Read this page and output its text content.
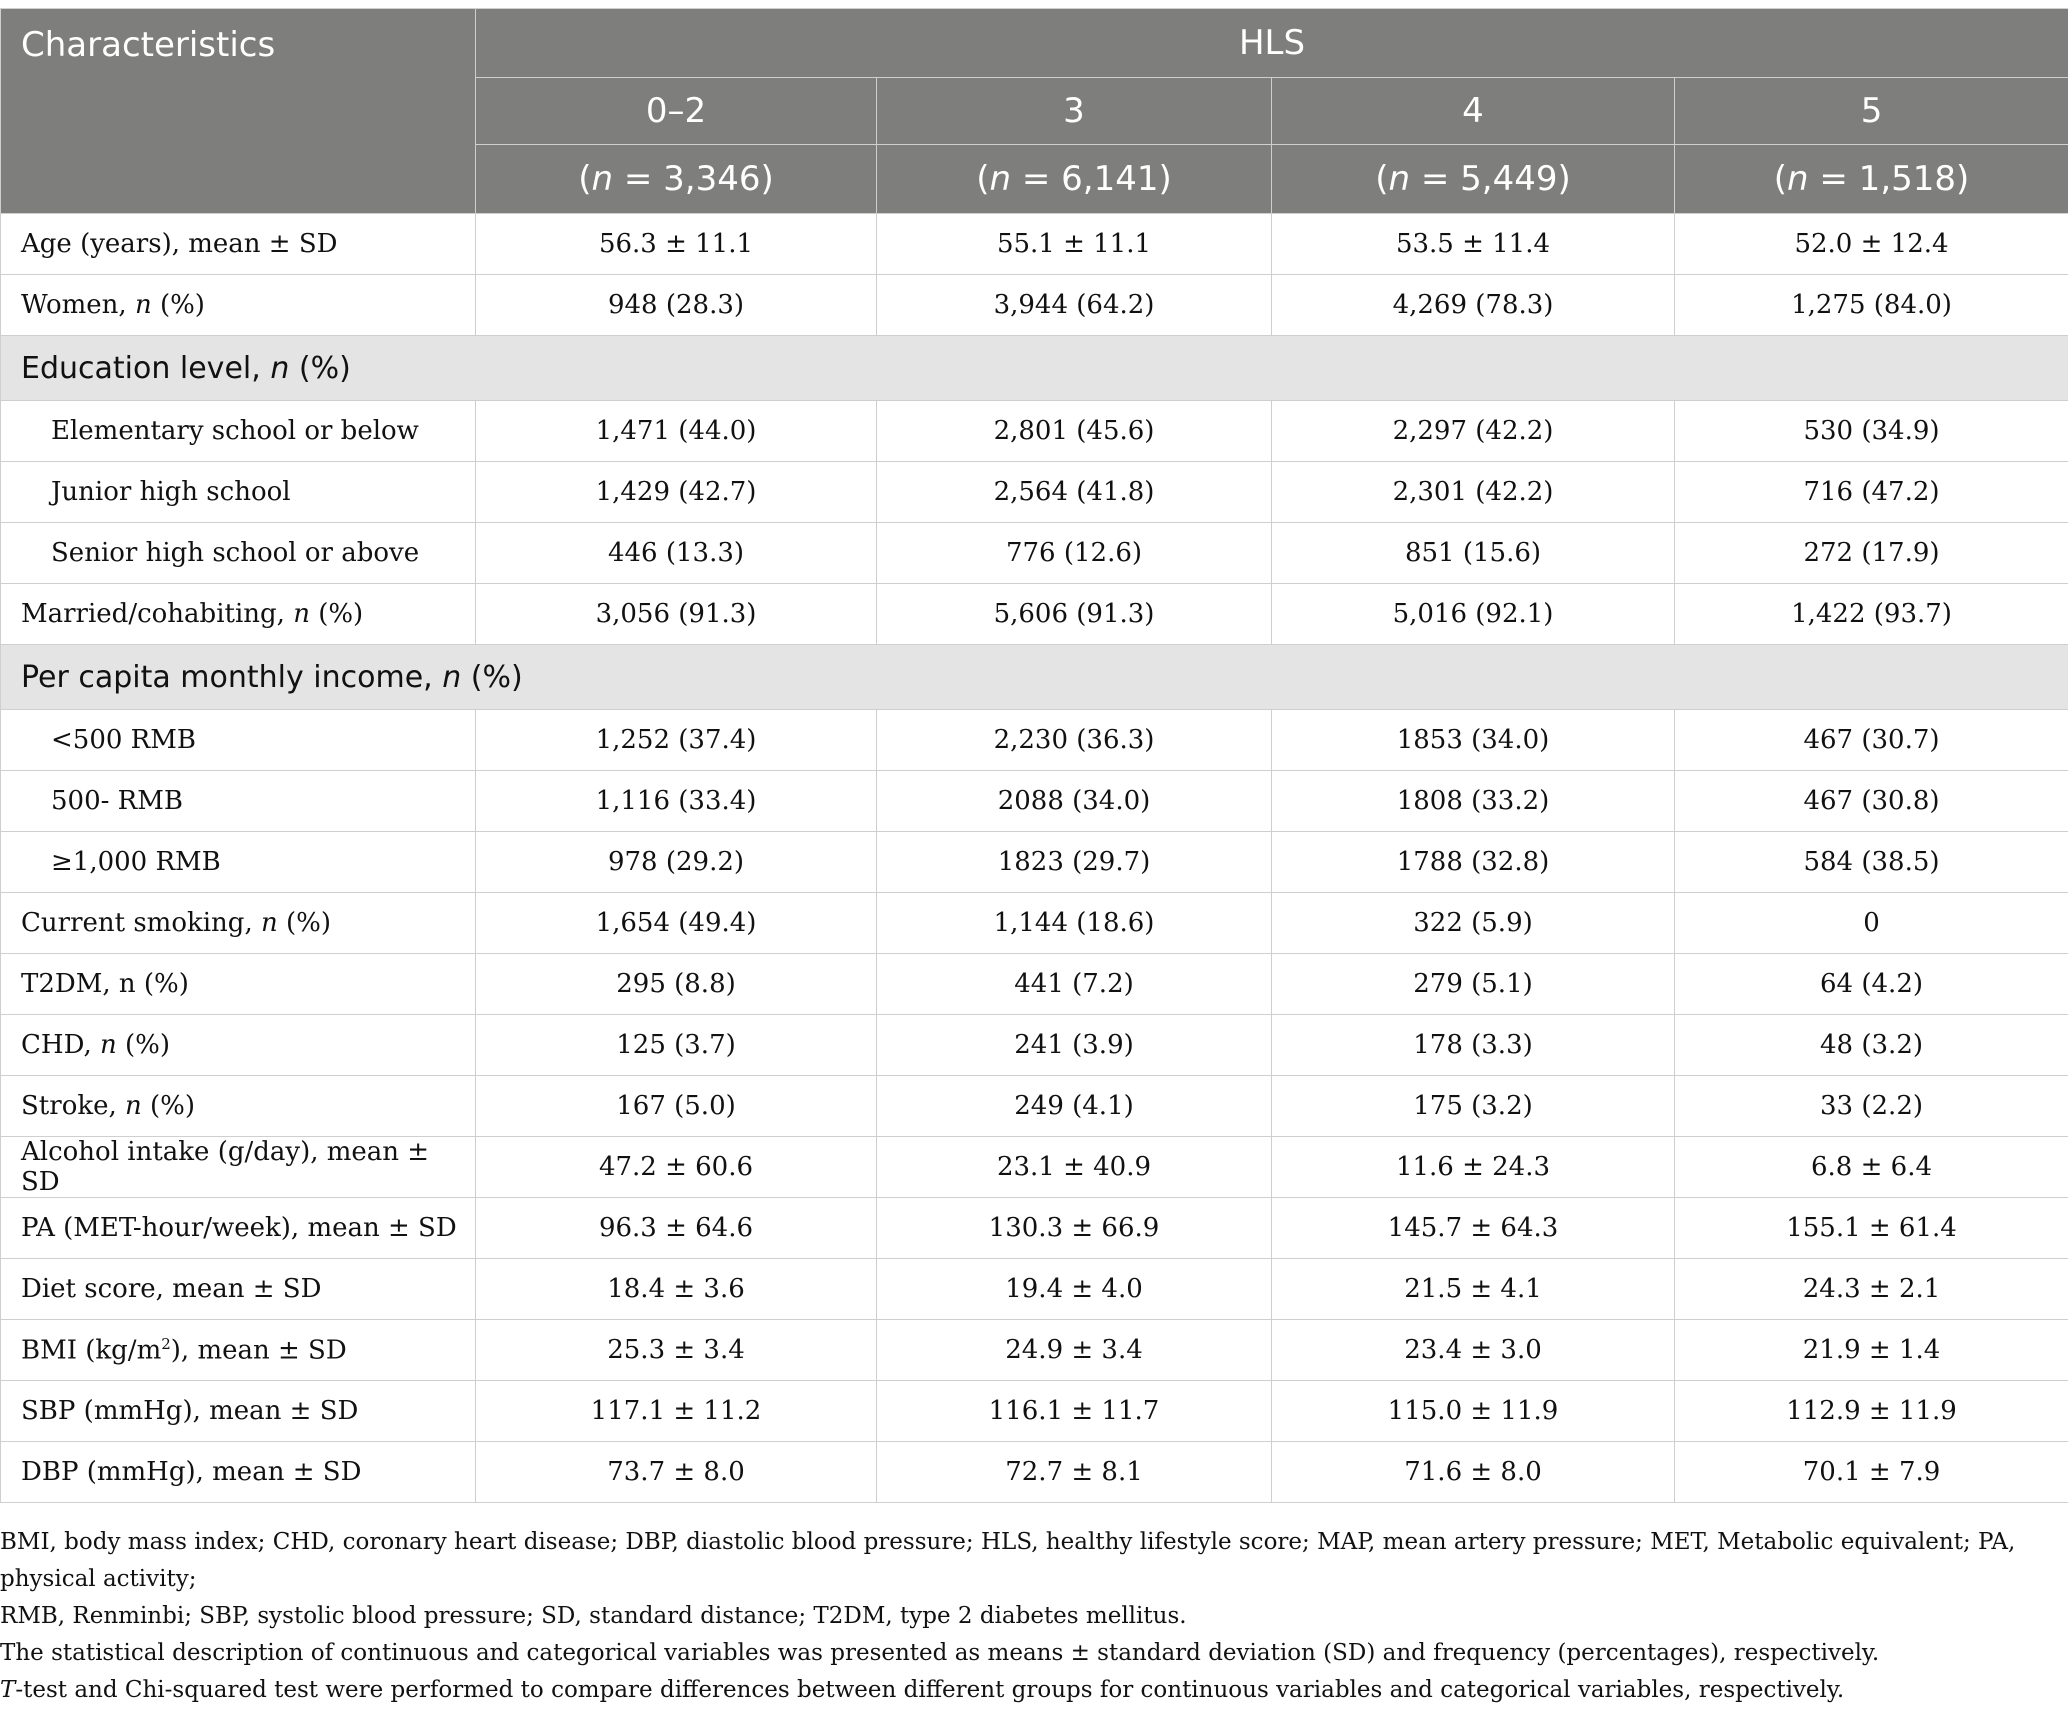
Characteristics	HLS			
	0–2	3	4	5
	(n = 3,346)	(n = 6,141)	(n = 5,449)	(n = 1,518)
Age (years), mean ± SD	56.3 ± 11.1	55.1 ± 11.1	53.5 ± 11.4	52.0 ± 12.4
Women, n (%)	948 (28.3)	3,944 (64.2)	4,269 (78.3)	1,275 (84.0)
Education level, n (%)				
Elementary school or below	1,471 (44.0)	2,801 (45.6)	2,297 (42.2)	530 (34.9)
Junior high school	1,429 (42.7)	2,564 (41.8)	2,301 (42.2)	716 (47.2)
Senior high school or above	446 (13.3)	776 (12.6)	851 (15.6)	272 (17.9)
Married/cohabiting, n (%)	3,056 (91.3)	5,606 (91.3)	5,016 (92.1)	1,422 (93.7)
Per capita monthly income, n (%)				
<500 RMB	1,252 (37.4)	2,230 (36.3)	1853 (34.0)	467 (30.7)
500- RMB	1,116 (33.4)	2088 (34.0)	1808 (33.2)	467 (30.8)
≥1,000 RMB	978 (29.2)	1823 (29.7)	1788 (32.8)	584 (38.5)
Current smoking, n (%)	1,654 (49.4)	1,144 (18.6)	322 (5.9)	0
T2DM, n (%)	295 (8.8)	441 (7.2)	279 (5.1)	64 (4.2)
CHD, n (%)	125 (3.7)	241 (3.9)	178 (3.3)	48 (3.2)
Stroke, n (%)	167 (5.0)	249 (4.1)	175 (3.2)	33 (2.2)
Alcohol intake (g/day), mean ± SD	47.2 ± 60.6	23.1 ± 40.9	11.6 ± 24.3	6.8 ± 6.4
PA (MET-hour/week), mean ± SD	96.3 ± 64.6	130.3 ± 66.9	145.7 ± 64.3	155.1 ± 61.4
Diet score, mean ± SD	18.4 ± 3.6	19.4 ± 4.0	21.5 ± 4.1	24.3 ± 2.1
BMI $(kg/m^2)$, mean ± SD	25.3 ± 3.4	24.9 ± 3.4	23.4 ± 3.0	21.9 ± 1.4
SBP (mmHg), mean ± SD	117.1 ± 11.2	116.1 ± 11.7	115.0 ± 11.9	112.9 ± 11.9
DBP (mmHg), mean ± SD	73.7 ± 8.0	72.7 ± 8.1	71.6 ± 8.0	70.1 ± 7.9

BMI, body mass index; CHD, coronary heart disease; DBP, diastolic blood pressure; HLS, healthy lifestyle score; MAP, mean artery pressure; MET, Metabolic equivalent; PA, physical activity;

RMB, Renminbi; SBP, systolic blood pressure; SD, standard distance; T2DM, type 2 diabetes mellitus.

The statistical description of continuous and categorical variables was presented as means ± standard deviation (SD) and frequency (percentages), respectively.

T-test and Chi-squared test were performed to compare differences between different groups for continuous variables and categorical variables, respectively.
